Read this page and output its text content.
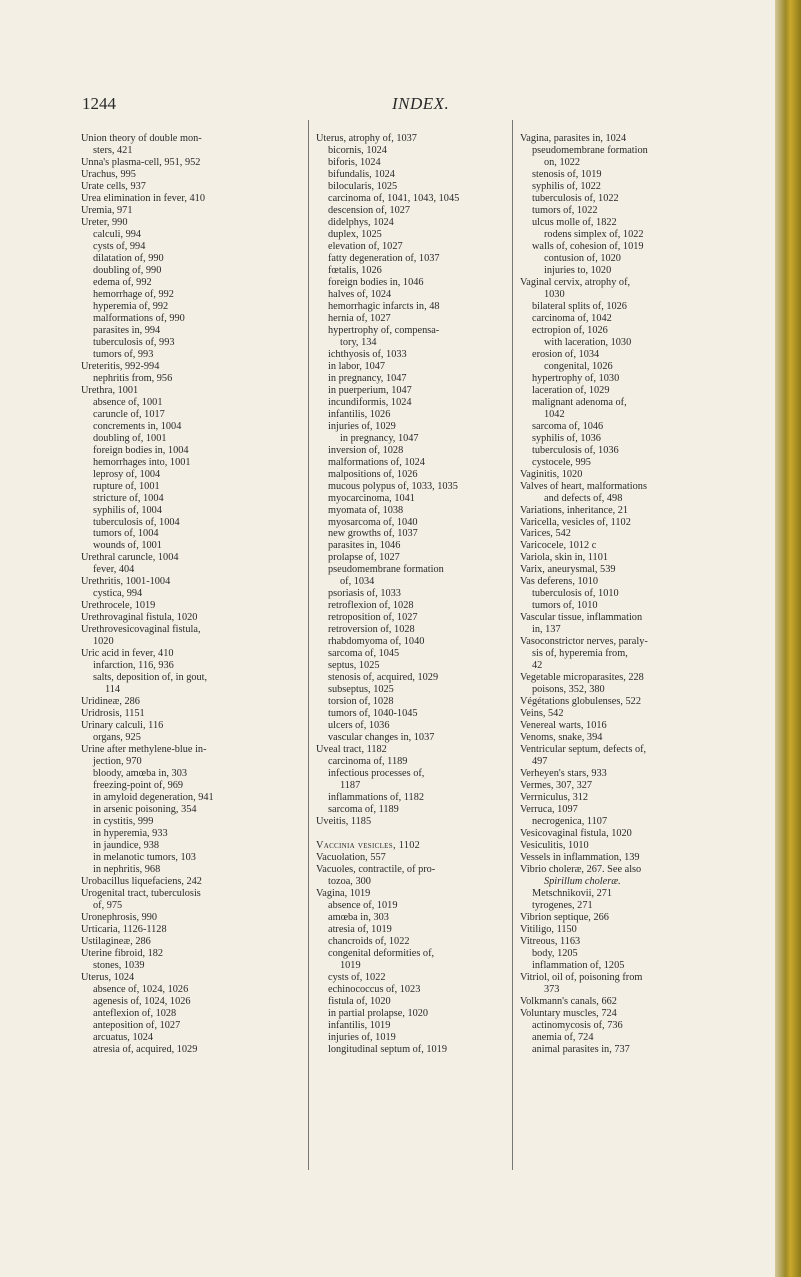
1244	INDEX.
Union theory of double mon-
sters, 421
Unna's plasma-cell, 951, 952
Urachus, 995
Urate cells, 937
Urea elimination in fever, 410
Uremia, 971
Ureter, 990
calculi, 994
cysts of, 994
dilatation of, 990
doubling of, 990
edema of, 992
hemorrhage of, 992
hyperemia of, 992
malformations of, 990
parasites in, 994
tuberculosis of, 993
tumors of, 993
Ureteritis, 992-994
nephritis from, 956
Urethra, 1001
absence of, 1001
caruncle of, 1017
concrements in, 1004
doubling of, 1001
foreign bodies in, 1004
hemorrhages into, 1001
leprosy of, 1004
rupture of, 1001
stricture of, 1004
syphilis of, 1004
tuberculosis of, 1004
tumors of, 1004
wounds of, 1001
Urethral caruncle, 1004
fever, 404
Urethritis, 1001-1004
cystica, 994
Urethrocele, 1019
Urethrovaginal fistula, 1020
Urethrovesicovaginal fistula,
1020
Uric acid in fever, 410
infarction, 116, 936
salts, deposition of, in gout,
114
Uridineæ, 286
Uridrosis, 1151
Urinary calculi, 116
organs, 925
Urine after methylene-blue in-
jection, 970
bloody, amœba in, 303
freezing-point of, 969
in amyloid degeneration, 941
in arsenic poisoning, 354
in cystitis, 999
in hyperemia, 933
in jaundice, 938
in melanotic tumors, 103
in nephritis, 968
Urobacillus liquefaciens, 242
Urogenital tract, tuberculosis
of, 975
Uronephrosis, 990
Urticaria, 1126-1128
Ustilagineæ, 286
Uterine fibroid, 182
stones, 1039
Uterus, 1024
absence of, 1024, 1026
agenesis of, 1024, 1026
anteflexion of, 1028
anteposition of, 1027
arcuatus, 1024
atresia of, acquired, 1029
Uterus, atrophy of, 1037
bicornis, 1024
biforis, 1024
bifundalis, 1024
bilocularis, 1025
carcinoma of, 1041, 1043, 1045
descension of, 1027
didelphys, 1024
duplex, 1025
elevation of, 1027
fatty degeneration of, 1037
fœtalis, 1026
foreign bodies in, 1046
halves of, 1024
hemorrhagic infarcts in, 48
hernia of, 1027
hypertrophy of, compensa-
tory, 134
ichthyosis of, 1033
in labor, 1047
in pregnancy, 1047
in puerperium, 1047
incundiformis, 1024
infantilis, 1026
injuries of, 1029
in pregnancy, 1047
inversion of, 1028
malformations of, 1024
malpositions of, 1026
mucous polypus of, 1033, 1035
myocarcinoma, 1041
myomata of, 1038
myosarcoma of, 1040
new growths of, 1037
parasites in, 1046
prolapse of, 1027
pseudomembrane formation
of, 1034
psoriasis of, 1033
retroflexion of, 1028
retroposition of, 1027
retroversion of, 1028
rhabdomyoma of, 1040
sarcoma of, 1045
septus, 1025
stenosis of, acquired, 1029
subseptus, 1025
torsion of, 1028
tumors of, 1040-1045
ulcers of, 1036
vascular changes in, 1037
Uveal tract, 1182
carcinoma of, 1189
infectious processes of,
1187
inflammations of, 1182
sarcoma of, 1189
Uveitis, 1185

Vaccinia vesicles, 1102
Vacuolation, 557
Vacuoles, contractile, of pro-
tozoa, 300
Vagina, 1019
absence of, 1019
amœba in, 303
atresia of, 1019
chancroids of, 1022
congenital deformities of,
1019
cysts of, 1022
echinococcus of, 1023
fistula of, 1020
in partial prolapse, 1020
infantilis, 1019
injuries of, 1019
longitudinal septum of, 1019
Vagina, parasites in, 1024
pseudomembrane formation
on, 1022
stenosis of, 1019
syphilis of, 1022
tuberculosis of, 1022
tumors of, 1022
ulcus molle of, 1822
rodens simplex of, 1022
walls of, cohesion of, 1019
contusion of, 1020
injuries to, 1020
Vaginal cervix, atrophy of,
1030
bilateral splits of, 1026
carcinoma of, 1042
ectropion of, 1026
with laceration, 1030
erosion of, 1034
congenital, 1026
hypertrophy of, 1030
laceration of, 1029
malignant adenoma of,
1042
sarcoma of, 1046
syphilis of, 1036
tuberculosis of, 1036
cystocele, 995
Vaginitis, 1020
Valves of heart, malformations
and defects of, 498
Variations, inheritance, 21
Varicella, vesicles of, 1102
Varices, 542
Varicocele, 1012 c
Variola, skin in, 1101
Varix, aneurysmal, 539
Vas deferens, 1010
tuberculosis of, 1010
tumors of, 1010
Vascular tissue, inflammation
in, 137
Vasoconstrictor nerves, paraly-
sis of, hyperemia from,
42
Vegetable microparasites, 228
poisons, 352, 380
Végétations globulenses, 522
Veins, 542
Venereal warts, 1016
Venoms, snake, 394
Ventricular septum, defects of,
497
Verheyen's stars, 933
Vermes, 307, 327
Verrniculus, 312
Verruca, 1097
necrogenica, 1107
Vesicovaginal fistula, 1020
Vesiculitis, 1010
Vessels in inflammation, 139
Vibrio choleræ, 267. See also
Spirillum choleræ.
Metschnikovii, 271
tyrogenes, 271
Vibrion septique, 266
Vitiligo, 1150
Vitreous, 1163
body, 1205
inflammation of, 1205
Vitriol, oil of, poisoning from
373
Volkmann's canals, 662
Voluntary muscles, 724
actinomycosis of, 736
anemia of, 724
animal parasites in, 737
